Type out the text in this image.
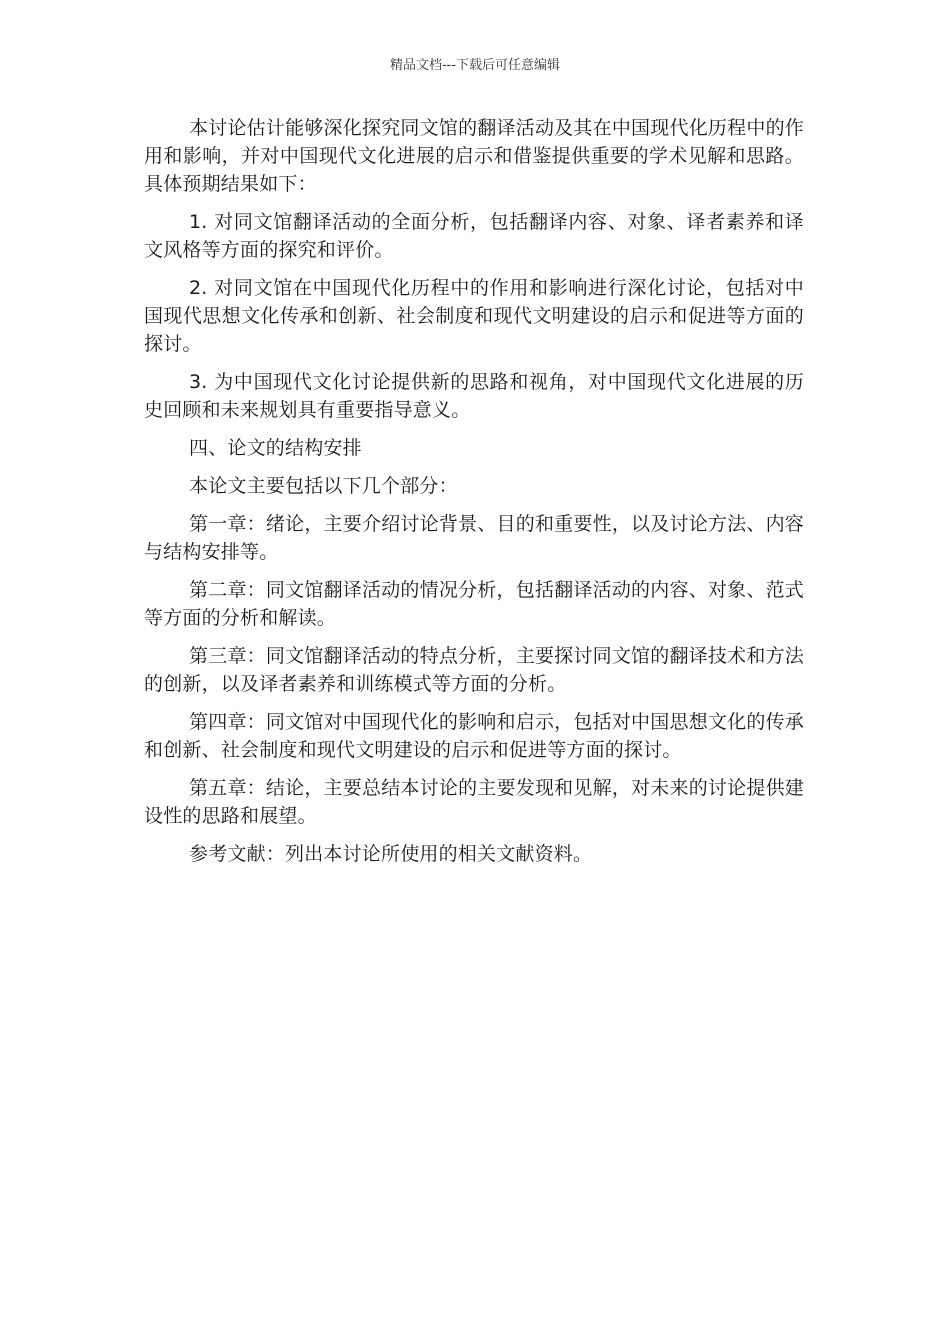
精品文档---下载后可任意编辑

本讨论估计能够深化探究同文馆的翻译活动及其在中国现代化历程中的作用和影响，并对中国现代文化进展的启示和借鉴提供重要的学术见解和思路。具体预期结果如下：

1. 对同文馆翻译活动的全面分析，包括翻译内容、对象、译者素养和译文风格等方面的探究和评价。

2. 对同文馆在中国现代化历程中的作用和影响进行深化讨论，包括对中国现代思想文化传承和创新、社会制度和现代文明建设的启示和促进等方面的探讨。

3. 为中国现代文化讨论提供新的思路和视角，对中国现代文化进展的历史回顾和未来规划具有重要指导意义。

四、论文的结构安排

本论文主要包括以下几个部分：

第一章：绪论，主要介绍讨论背景、目的和重要性，以及讨论方法、内容与结构安排等。

第二章：同文馆翻译活动的情况分析，包括翻译活动的内容、对象、范式等方面的分析和解读。

第三章：同文馆翻译活动的特点分析，主要探讨同文馆的翻译技术和方法的创新，以及译者素养和训练模式等方面的分析。

第四章：同文馆对中国现代化的影响和启示，包括对中国思想文化的传承和创新、社会制度和现代文明建设的启示和促进等方面的探讨。

第五章：结论，主要总结本讨论的主要发现和见解，对未来的讨论提供建设性的思路和展望。

参考文献：列出本讨论所使用的相关文献资料。
